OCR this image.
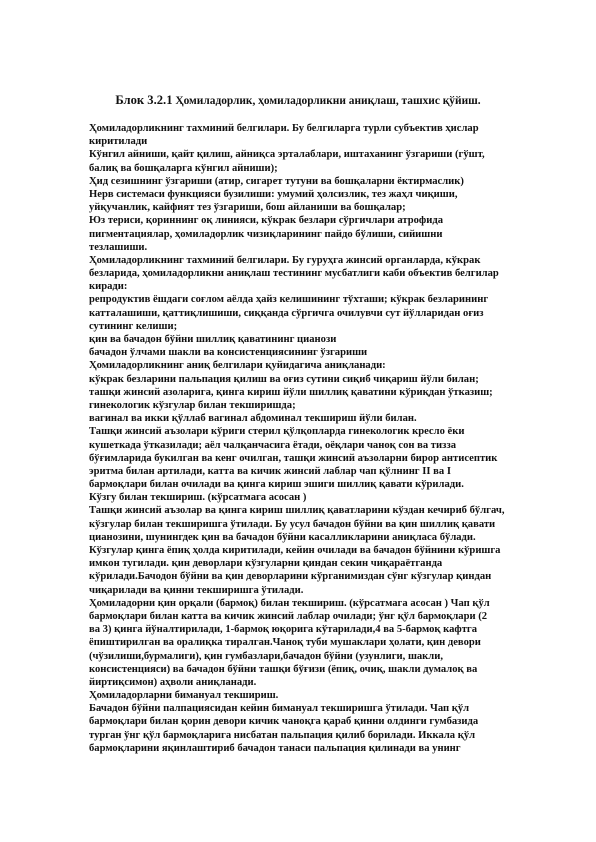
Блок 3.2.1 Ҳомиладорлик, ҳомиладорликни аниқлаш, ташхис қўйиш.
Ҳомиладорликнинг тахминий белгилари. Бу белгиларга турли субъектив ҳислар
киритилади
Кўнгил айниши, қайт қилиш, айниқса эрталаблари, иштаханинг ўзгариши (гўшт,
балиқ ва бошқаларга кўнгил айниши);
Ҳид сезишнинг ўзгариши (атир, сигарет тутуни ва бошқаларни ёктирмаслик)
Нерв системаси функцияси бузилиши: умумий ҳолсизлик, тез жаҳл чиқиши,
уйқучанлик, кайфият тез ўзгариши, бош айланиши ва бошқалар;
Юз териси, қориннинг оқ линияси, кўкрак безлари сўргичлари атрофида
пигментациялар, ҳомиладорлик чизиқларининг пайдо бўлиши, сийишни
тезлашиши.
Ҳомиладорликнинг тахминий белгилари. Бу гуруҳга жинсий органларда, кўкрак
безларида, ҳомиладорликни аниқлаш тестининг мусбатлиги каби объектив белгилар
киради:
репродуктив ёшдаги соғлом аёлда ҳайз келишининг тўхташи; кўкрак безларининг
катталашиши, қаттиқлишиши, сиққанда сўргичга очилувчи сут йўлларидан оғиз
сутининг келиши;
қин ва бачадон бўйни шиллиқ қаватининг цианози
бачадон ўлчами шакли ва консистенциясининг ўзгариши
Ҳомиладорликнинг аниқ белгилари қуйидагича аниқланади:
кўкрак безларини пальпация қилиш ва оғиз сутини сиқиб чиқариш йўли билан;
ташқи жинсий азоларига, қинга кириш йўли шиллиқ қаватини кўриқдан ўтказиш;
гинекологик кўзгулар билан текширишда;
вагинал ва икки қўллаб вагинал абдоминал текшириш йўли билан.
Ташқи жинсий аъзолари кўриги стерил қўлқопларда гинекологик кресло ёки
кушеткада ўтказилади; аёл чалқанчасига ётади, оёқлари чаноқ сон ва тизза
бўғимларида букилган ва кенг очилган, ташқи жинсий аъзоларни бирор антисептик
эритма билан артилади, катта ва кичик жинсий лаблар чап қўлнинг II ва I
бармоқлари билан очилади ва қинга кириш эшиги шиллиқ қавати кўрилади.
Кўзгу билан текшириш. (кўрсатмага асосан )
Ташқи жинсий аъзолар ва қинга кириш шиллиқ қаватларини кўздан кечириб бўлгач,
кўзгулар билан текширишга ўтилади. Бу усул бачадон бўйни ва қин шиллиқ қавати
цианозини, шунингдек қин ва бачадон бўйни касалликларини аниқласа бўлади.
Кўзгулар қинга ёпиқ ҳолда киритилади, кейин очилади ва бачадон бўйнини кўришга
имкон тугилади. қин деворлари кўзгуларни қиндан секин чиқараётганда
кўрилади.Бачодон бўйни ва қин деворларини кўрганимиздан сўнг кўзгулар қиндан
чиқарилади ва қинни текширишга ўтилади.
Ҳомиладорни қин орқали (бармоқ) билан текшириш. (кўрсатмага асосан ) Чап қўл
бармоқлари билан катта ва кичик жинсий лаблар очилади; ўнг қўл бармоқлари (2
ва 3) қинга йўналтирилади, 1-бармоқ юқорига кўтарилади,4 ва 5-бармоқ кафтга
ёпиштирилган ва оралиқка тиралган.Чаноқ туби мушаклари ҳолати, қин девори
(чўзилиши,бурмалиги), қин гумбазлари,бачадон бўйни (узунлиги, шакли,
консистенцияси) ва бачадон бўйни ташқи бўғизи (ёпиқ, очиқ, шакли думалоқ ва
йиртиқсимон) аҳволи аниқланади.
Ҳомиладорларни бимануал текшириш.
Бачадон бўйни палпациясидан кейин бимануал текширишга ўтилади. Чап қўл
бармоқлари билан қорин девори кичик чаноқга қараб қинни олдинги гумбазида
турган ўнг қўл бармоқларига нисбатан пальпация қилиб борилади. Иккала қўл
бармоқларини яқинлаштириб бачадон танаси пальпация қилинади ва унинг
